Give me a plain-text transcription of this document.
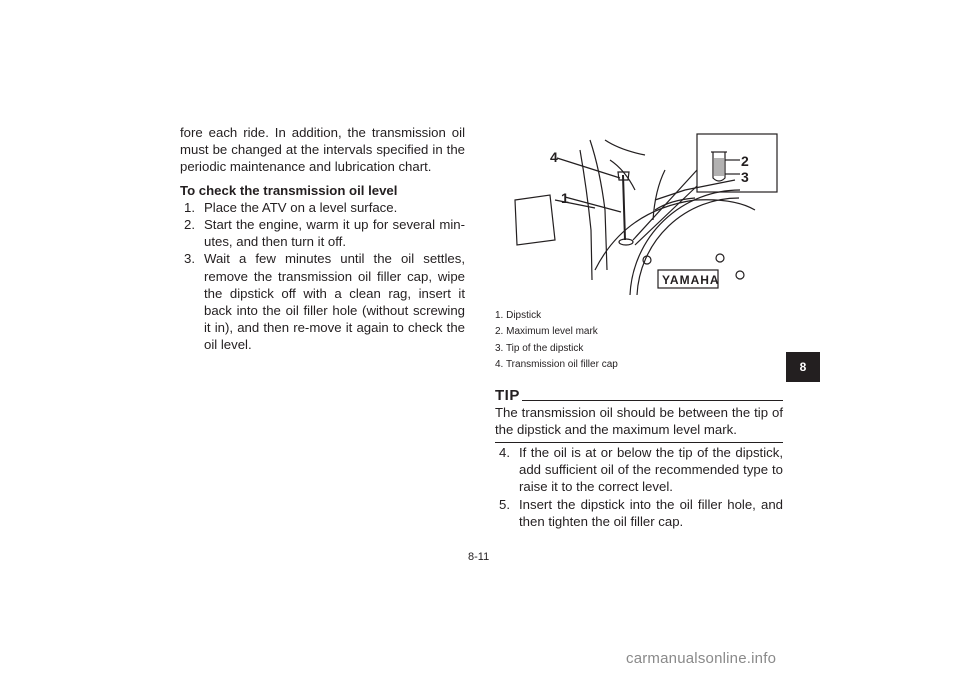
fore each ride. In addition, the transmission oil must be changed at the intervals specified in the periodic maintenance and lubrication chart.

To check the transmission oil level

1. Place the ATV on a level surface.
2. Start the engine, warm it up for several min-utes, and then turn it off.
3. Wait a few minutes until the oil settles, remove the transmission oil filler cap, wipe the dipstick off with a clean rag, insert it back into the oil filler hole (without screwing it in), and then re-move it again to check the oil level.
4
1
2
3
YAMAHA
1. Dipstick
2. Maximum level mark
3. Tip of the dipstick
4. Transmission oil filler cap
TIP

The transmission oil should be between the tip of the dipstick and the maximum level mark.

4. If the oil is at or below the tip of the dipstick, add sufficient oil of the recommended type to raise it to the correct level.
5. Insert the dipstick into the oil filler hole, and then tighten the oil filler cap.
8-11
8
carmanualsonline.info
